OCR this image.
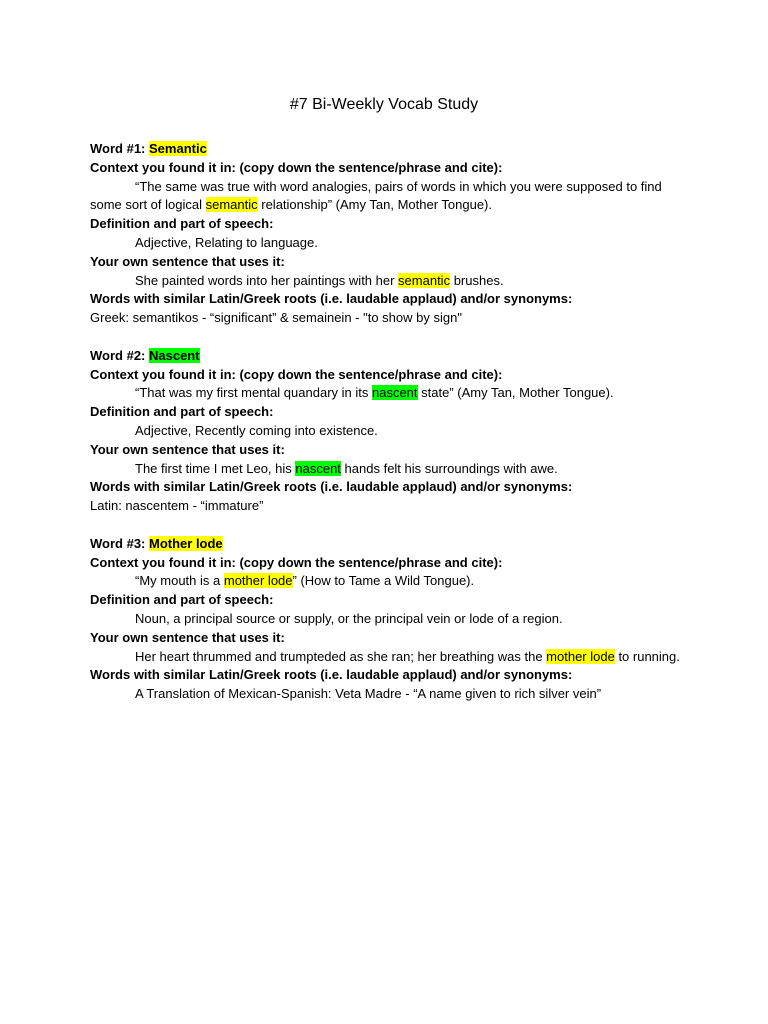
#7 Bi-Weekly Vocab Study

Word #1: Semantic

Context you found it in: (copy down the sentence/phrase and cite):

“The same was true with word analogies, pairs of words in which you were supposed to find some sort of logical semantic relationship” (Amy Tan, Mother Tongue).

Definition and part of speech:

Adjective, Relating to language.

Your own sentence that uses it:

She painted words into her paintings with her semantic brushes.

Words with similar Latin/Greek roots (i.e. laudable applaud) and/or synonyms:

Greek: semantikos - “significant” & semainein - "to show by sign"

Word #2: Nascent

Context you found it in: (copy down the sentence/phrase and cite):

“That was my first mental quandary in its nascent state” (Amy Tan, Mother Tongue).

Definition and part of speech:

Adjective, Recently coming into existence.

Your own sentence that uses it:

The first time I met Leo, his nascent hands felt his surroundings with awe.

Words with similar Latin/Greek roots (i.e. laudable applaud) and/or synonyms:

Latin: nascentem - “immature”

Word #3: Mother lode

Context you found it in: (copy down the sentence/phrase and cite):

“My mouth is a mother lode” (How to Tame a Wild Tongue).

Definition and part of speech:

Noun, a principal source or supply, or the principal vein or lode of a region.

Your own sentence that uses it:

Her heart thrummed and trumpteded as she ran; her breathing was the mother lode to running.

Words with similar Latin/Greek roots (i.e. laudable applaud) and/or synonyms:

A Translation of Mexican-Spanish: Veta Madre - “A name given to rich silver vein”
